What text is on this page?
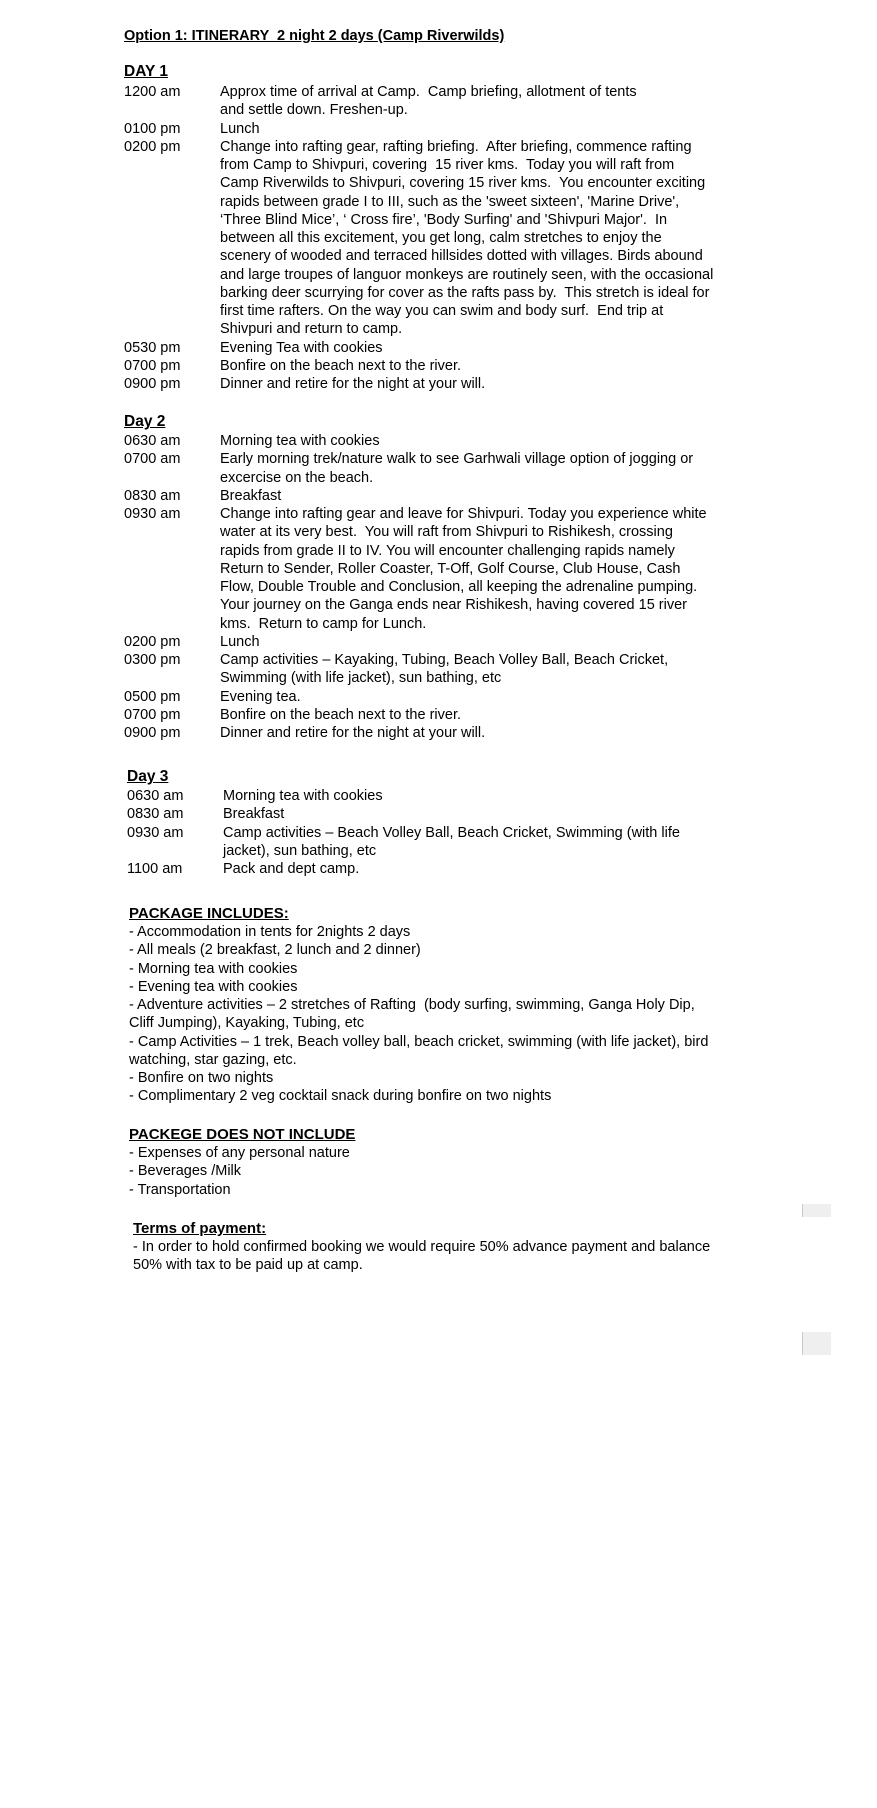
Option 1: ITINERARY  2 night 2 days (Camp Riverwilds)
DAY 1
1200 am	Approx time of arrival at Camp.  Camp briefing, allotment of tents
and settle down. Freshen-up.
0100 pm	Lunch
0200 pm	Change into rafting gear, rafting briefing.  After briefing, commence rafting
from Camp to Shivpuri, covering  15 river kms.  Today you will raft from
Camp Riverwilds to Shivpuri, covering 15 river kms.  You encounter exciting
rapids between grade I to III, such as the 'sweet sixteen', 'Marine Drive',
‘Three Blind Mice’, ‘ Cross fire’, 'Body Surfing' and 'Shivpuri Major'.  In
between all this excitement, you get long, calm stretches to enjoy the
scenery of wooded and terraced hillsides dotted with villages. Birds abound
and large troupes of languor monkeys are routinely seen, with the occasional
barking deer scurrying for cover as the rafts pass by.  This stretch is ideal for
first time rafters. On the way you can swim and body surf.  End trip at
Shivpuri and return to camp.
0530 pm	Evening Tea with cookies
0700 pm	Bonfire on the beach next to the river.
0900 pm	Dinner and retire for the night at your will.
Day 2
0630 am	Morning tea with cookies
0700 am	Early morning trek/nature walk to see Garhwali village option of jogging or
excercise on the beach.
0830 am	Breakfast
0930 am	Change into rafting gear and leave for Shivpuri. Today you experience white
water at its very best.  You will raft from Shivpuri to Rishikesh, crossing
rapids from grade II to IV. You will encounter challenging rapids namely
Return to Sender, Roller Coaster, T-Off, Golf Course, Club House, Cash
Flow, Double Trouble and Conclusion, all keeping the adrenaline pumping.
Your journey on the Ganga ends near Rishikesh, having covered 15 river
kms.  Return to camp for Lunch.
0200 pm	Lunch
0300 pm	Camp activities – Kayaking, Tubing, Beach Volley Ball, Beach Cricket,
Swimming (with life jacket), sun bathing, etc
0500 pm	Evening tea.
0700 pm	Bonfire on the beach next to the river.
0900 pm	Dinner and retire for the night at your will.
Day 3
0630 am	Morning tea with cookies
0830 am	Breakfast
0930 am	Camp activities – Beach Volley Ball, Beach Cricket, Swimming (with life
jacket), sun bathing, etc
1100 am	Pack and dept camp.
PACKAGE INCLUDES:
- Accommodation in tents for 2nights 2 days
- All meals (2 breakfast, 2 lunch and 2 dinner)
- Morning tea with cookies
- Evening tea with cookies
- Adventure activities – 2 stretches of Rafting  (body surfing, swimming, Ganga Holy Dip,
Cliff Jumping), Kayaking, Tubing, etc
- Camp Activities – 1 trek, Beach volley ball, beach cricket, swimming (with life jacket), bird
watching, star gazing, etc.
- Bonfire on two nights
- Complimentary 2 veg cocktail snack during bonfire on two nights
PACKEGE DOES NOT INCLUDE
- Expenses of any personal nature
- Beverages /Milk
- Transportation
Terms of payment:
- In order to hold confirmed booking we would require 50% advance payment and balance
50% with tax to be paid up at camp.
